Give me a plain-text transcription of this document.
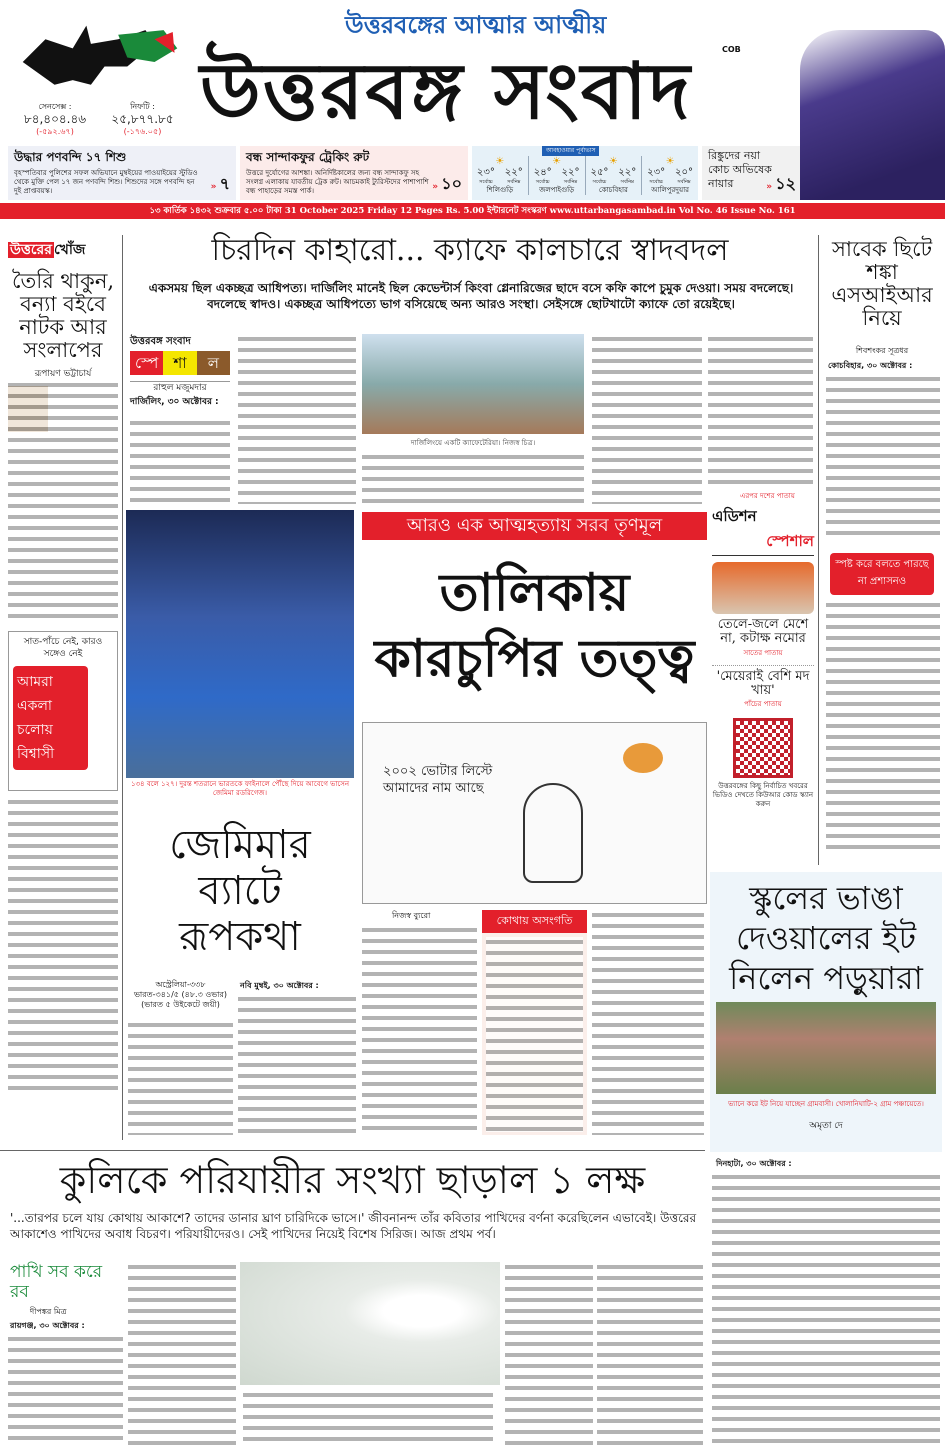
উত্তরবঙ্গের আত্মার আত্মীয়
উত্তরবঙ্গ সংবাদ	COB
সেনসেক্স :
৮৪,৪০৪.৪৬
(-৫৯২.৬৭)
নিফটি :
২৫,৮৭৭.৮৫
(-১৭৬.০৫)
উদ্ধার পণবন্দি ১৭ শিশু
বৃহস্পতিবার পুলিশের সফল অভিযানে মুম্বইয়ের পাওয়াইয়ের স্টুডিও থেকে মুক্তি পেল ১৭ জন পণবন্দি শিশু। শিশুদের সঙ্গে পণবন্দি হন দুই প্রাপ্তবয়স্ক।	» ৭
বন্ধ সান্দাকফুর ট্রেকিং রুট
উত্তরে দুর্যোগের আশঙ্কা। অনির্দিষ্টকালের জন্য বন্ধ সান্দাকফু সহ সংলগ্ন এলাকায় যাবতীয় ট্রেক রুট। আচমকাই ট্যুরিস্টদের পাশাপাশি বন্ধ পাহাড়ের সমস্ত পার্ক।	» ১০
আবহাওয়ার পূর্বাভাস
☀
২৩°
সর্বোচ্চ
২২°
সর্বনিম্ন
শিলিগুড়ি
☀
২৪°
সর্বোচ্চ
২২°
সর্বনিম্ন
জলপাইগুড়ি
☀
২৫°
সর্বোচ্চ
২২°
সর্বনিম্ন
কোচবিহার
☀
২৩°
সর্বোচ্চ
২০°
সর্বনিম্ন
আলিপুরদুয়ার
রিঙ্কুদের নয়া কোচ অভিষেক নায়ার	» ১২
১৩ কার্তিক ১৪৩২ শুক্রবার ৫.০০ টাকা 31 October 2025 Friday 12 Pages Rs. 5.00 ইন্টারনেট সংস্করণ www.uttarbangasambad.in Vol No. 46 Issue No. 161
উত্তরের খোঁজ
তৈরি থাকুন, বন্যা বইবে নাটক আর সংলাপের
রূপায়ণ ভট্টাচার্য
সাত-পাঁচে নেই, কারও সঙ্গেও নেই
আমরা একলা চলোয় বিশ্বাসী
চিরদিন কাহারো... ক্যাফে কালচারে স্বাদবদল
একসময় ছিল একচ্ছত্র আধিপত্য। দার্জিলিং মানেই ছিল কেভেন্টার্স কিংবা গ্লেনারিজের ছাদে বসে কফি কাপে চুমুক দেওয়া। সময় বদলেছে। বদলেছে স্বাদও। একচ্ছত্র আধিপত্যে ভাগ বসিয়েছে অন্য আরও সংস্থা। সেইসঙ্গে ছোটখাটো ক্যাফে তো রয়েইছে।
উত্তরবঙ্গ সংবাদ
স্পে	শা	ল
রাহুল মজুমদার
দার্জিলিং, ৩০ অক্টোবর :
দার্জিলিংয়ে একটি ক্যাফেটেরিয়া। নিজস্ব চিত্র।
এরপর দশের পাতায়
সাবেক ছিটে শঙ্কা এসআইআর নিয়ে
শিবশংকর সূত্রধর
কোচবিহার, ৩০ অক্টোবর :
স্পষ্ট করে বলতে পারছে না প্রশাসনও
১৩৪ বলে ১২৭। দুরন্ত শতরানে ভারতকে ফাইনালে পৌঁছে দিয়ে আবেগে ভাসেন জেমিমা রডরিগেজ।
জেমিমার ব্যাটে রূপকথা
অস্ট্রেলিয়া-৩৩৮
ভারত-৩৪১/৫ (৪৮.৩ ওভার)
(ভারত ৫ উইকেটে জয়ী)
নবি মুম্বই, ৩০ অক্টোবর :
আরও এক আত্মহত্যায় সরব তৃণমূল
তালিকায় কারচুপির তত্ত্ব
২০০২ ভোটার লিস্টে আমাদের নাম আছে
নিজস্ব ব্যুরো	কোথায় অসংগতি
এডিশন
স্পেশাল
তেলে-জলে মেশে না, কটাক্ষ নমোর
সাতের পাতায়
'মেয়েরাই বেশি মদ খায়'
পাঁচের পাতায়
উত্তরবঙ্গের কিছু নির্বাচিত খবরের ভিডিও দেখতে কিউআর কোড স্ক্যান করুন
স্কুলের ভাঙা দেওয়ালের ইট নিলেন পড়ুয়ারা
ভ্যানে করে ইট নিয়ে যাচ্ছেন গ্রামবাসী। খোলানিঘাটি-২ গ্রাম পঞ্চায়েতে।
অমৃতা দে
দিনহাটা, ৩০ অক্টোবর :
কুলিকে পরিযায়ীর সংখ্যা ছাড়াল ১ লক্ষ
'...তারপর চলে যায় কোথায় আকাশে? তাদের ডানার ঘ্রাণ চারিদিকে ভাসে।' জীবনানন্দ তাঁর কবিতার পাখিদের বর্ণনা করেছিলেন এভাবেই। উত্তরের আকাশেও পাখিদের অবাধ বিচরণ। পরিযায়ীদেরও। সেই পাখিদের নিয়েই বিশেষ সিরিজ। আজ প্রথম পর্ব।
পাখি সব করে রব
দীপঙ্কর মিত্র
রায়গঞ্জ, ৩০ অক্টোবর :
